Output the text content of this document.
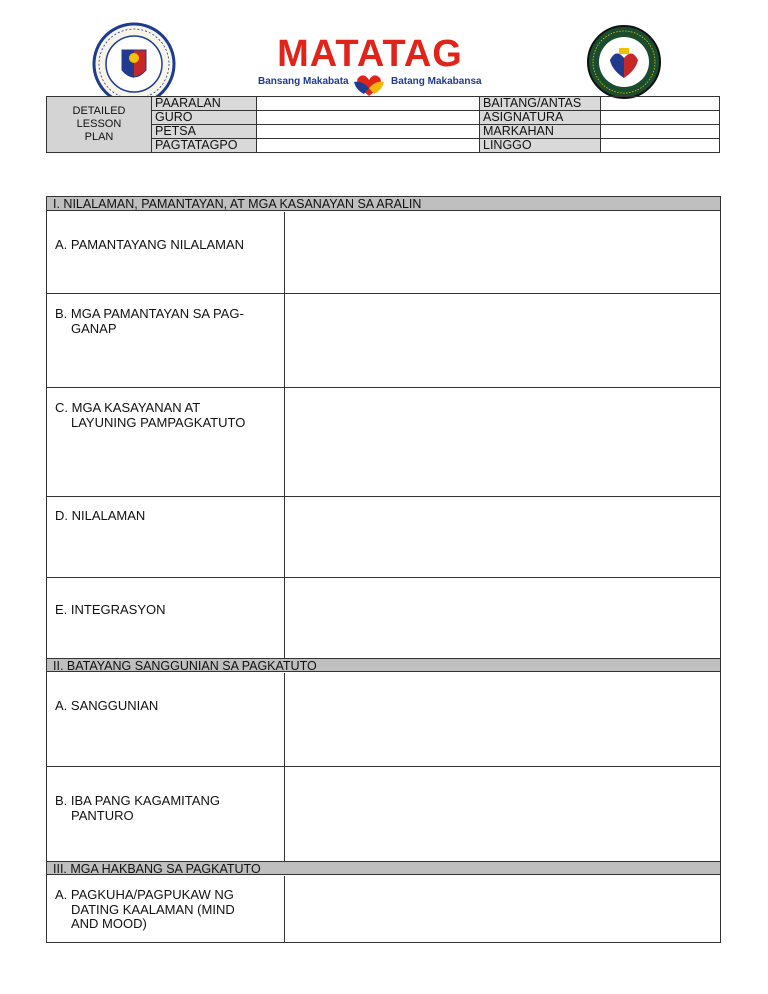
MATATAG
Bansang Makabata	Batang Makabansa
DETAILED
LESSON
PLAN
PAARALAN
GURO
PETSA
PAGTATAGPO
BAITANG/ANTAS
ASIGNATURA
MARKAHAN
LINGGO
I. NILALAMAN, PAMANTAYAN, AT MGA KASANAYAN SA ARALIN
A. PAMANTAYANG NILALAMAN
B. MGA PAMANTAYAN SA PAG-
GANAP
C. MGA KASAYANAN AT
LAYUNING PAMPAGKATUTO
D. NILALAMAN
E. INTEGRASYON
II. BATAYANG SANGGUNIAN SA PAGKATUTO
A. SANGGUNIAN
B. IBA PANG KAGAMITANG
PANTURO
III. MGA HAKBANG SA PAGKATUTO
A. PAGKUHA/PAGPUKAW NG
DATING KAALAMAN (MIND
AND MOOD)
